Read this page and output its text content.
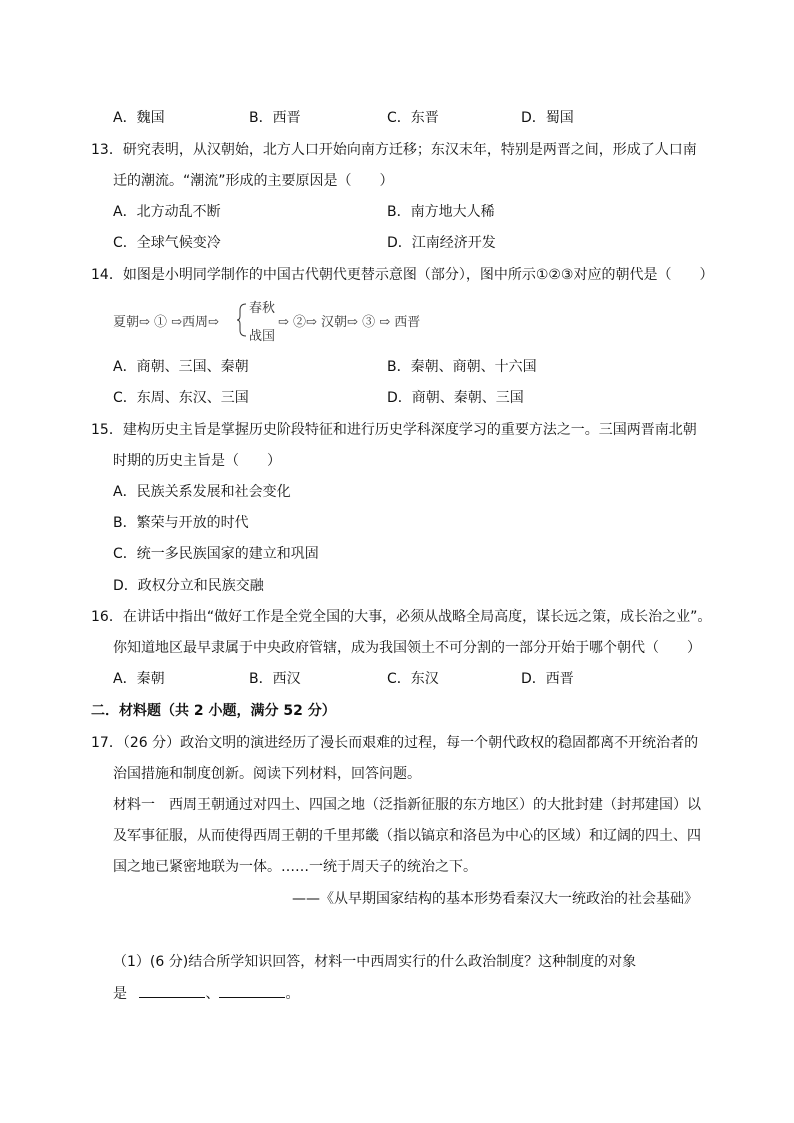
A．魏国	B．西晋	C．东晋	D．蜀国
13．研究表明，从汉朝始，北方人口开始向南方迁移；东汉末年，特别是两晋之间，形成了人口南
迁的潮流。“潮流”形成的主要原因是（　　）
A．北方动乱不断	B．南方地大人稀
C．全球气候变冷	D．江南经济开发
14．如图是小明同学制作的中国古代朝代更替示意图（部分），图中所示①②③对应的朝代是（　　）
夏朝⇨ ① ⇨西周⇨
春秋
战国
⇨ ②⇨ 汉朝⇨ ③ ⇨ 西晋
A．商朝、三国、秦朝	B．秦朝、商朝、十六国
C．东周、东汉、三国	D．商朝、秦朝、三国
15．建构历史主旨是掌握历史阶段特征和进行历史学科深度学习的重要方法之一。三国两晋南北朝
时期的历史主旨是（　　）
A．民族关系发展和社会变化
B．繁荣与开放的时代
C．统一多民族国家的建立和巩固
D．政权分立和民族交融
16．在讲话中指出“做好工作是全党全国的大事，必须从战略全局高度，谋长远之策，成长治之业”。
你知道地区最早隶属于中央政府管辖，成为我国领土不可分割的一部分开始于哪个朝代（　　）
A．秦朝	B．西汉	C．东汉	D．西晋
二．材料题（共 2 小题，满分 52 分）
17．（26 分）政治文明的演进经历了漫长而艰难的过程，每一个朝代政权的稳固都离不开统治者的
治国措施和制度创新。阅读下列材料，回答问题。
材料一　西周王朝通过对四土、四国之地（泛指新征服的东方地区）的大批封建（封邦建国）以
及军事征服，从而使得西周王朝的千里邦畿（指以镐京和洛邑为中心的区域）和辽阔的四土、四
国之地已紧密地联为一体。……一统于周天子的统治之下。
——《从早期国家结构的基本形势看秦汉大一统政治的社会基础》
（1）(6 分)结合所学知识回答，材料一中西周实行的什么政治制度？这种制度的对象
是	、	。
